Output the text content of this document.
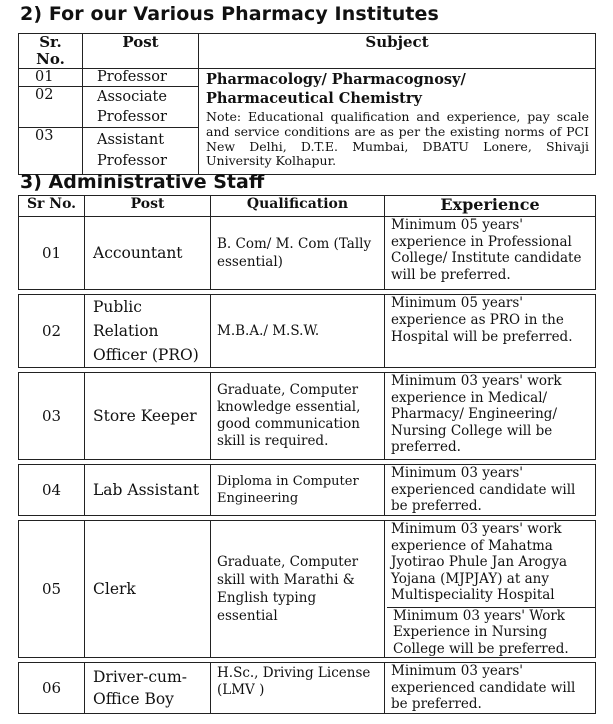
2) For our Various Pharmacy Institutes
Sr. No.	Post	Subject
01	Professor	Pharmacology/ Pharmacognosy/ Pharmaceutical Chemistry
Note: Educational qualification and experience, pay scale and service conditions are as per the existing norms of PCI New Delhi, D.T.E. Mumbai, DBATU Lonere, Shivaji University Kolhapur.

02	Associate Professor	
03	Assistant Professor	
3) Administrative Staff
Sr No.	Post	Qualification	Experience
01	Accountant	B. Com/ M. Com (Tally essential)	Minimum 05 years' experience in Professional College/ Institute candidate will be preferred.

02	Public Relation Officer (PRO)	M.B.A./ M.S.W.	Minimum 05 years' experience as PRO in the Hospital will be preferred.

03	Store Keeper	Graduate, Computer knowledge essential, good communication skill is required.	Minimum 03 years' work experience in Medical/ Pharmacy/ Engineering/ Nursing College will be preferred.

04	Lab Assistant	Diploma in Computer Engineering	Minimum 03 years' experienced candidate will be preferred.

05	Clerk	Graduate, Computer skill with Marathi & English typing essential	Minimum 03 years' work experience of Mahatma Jyotirao Phule Jan Arogya Yojana (MJPJAY) at any Multispeciality Hospital
Minimum 03 years' Work Experience in Nursing College will be preferred.

06	Driver-cum-Office Boy	H.Sc., Driving License (LMV )	Minimum 03 years' experienced candidate will be preferred.
